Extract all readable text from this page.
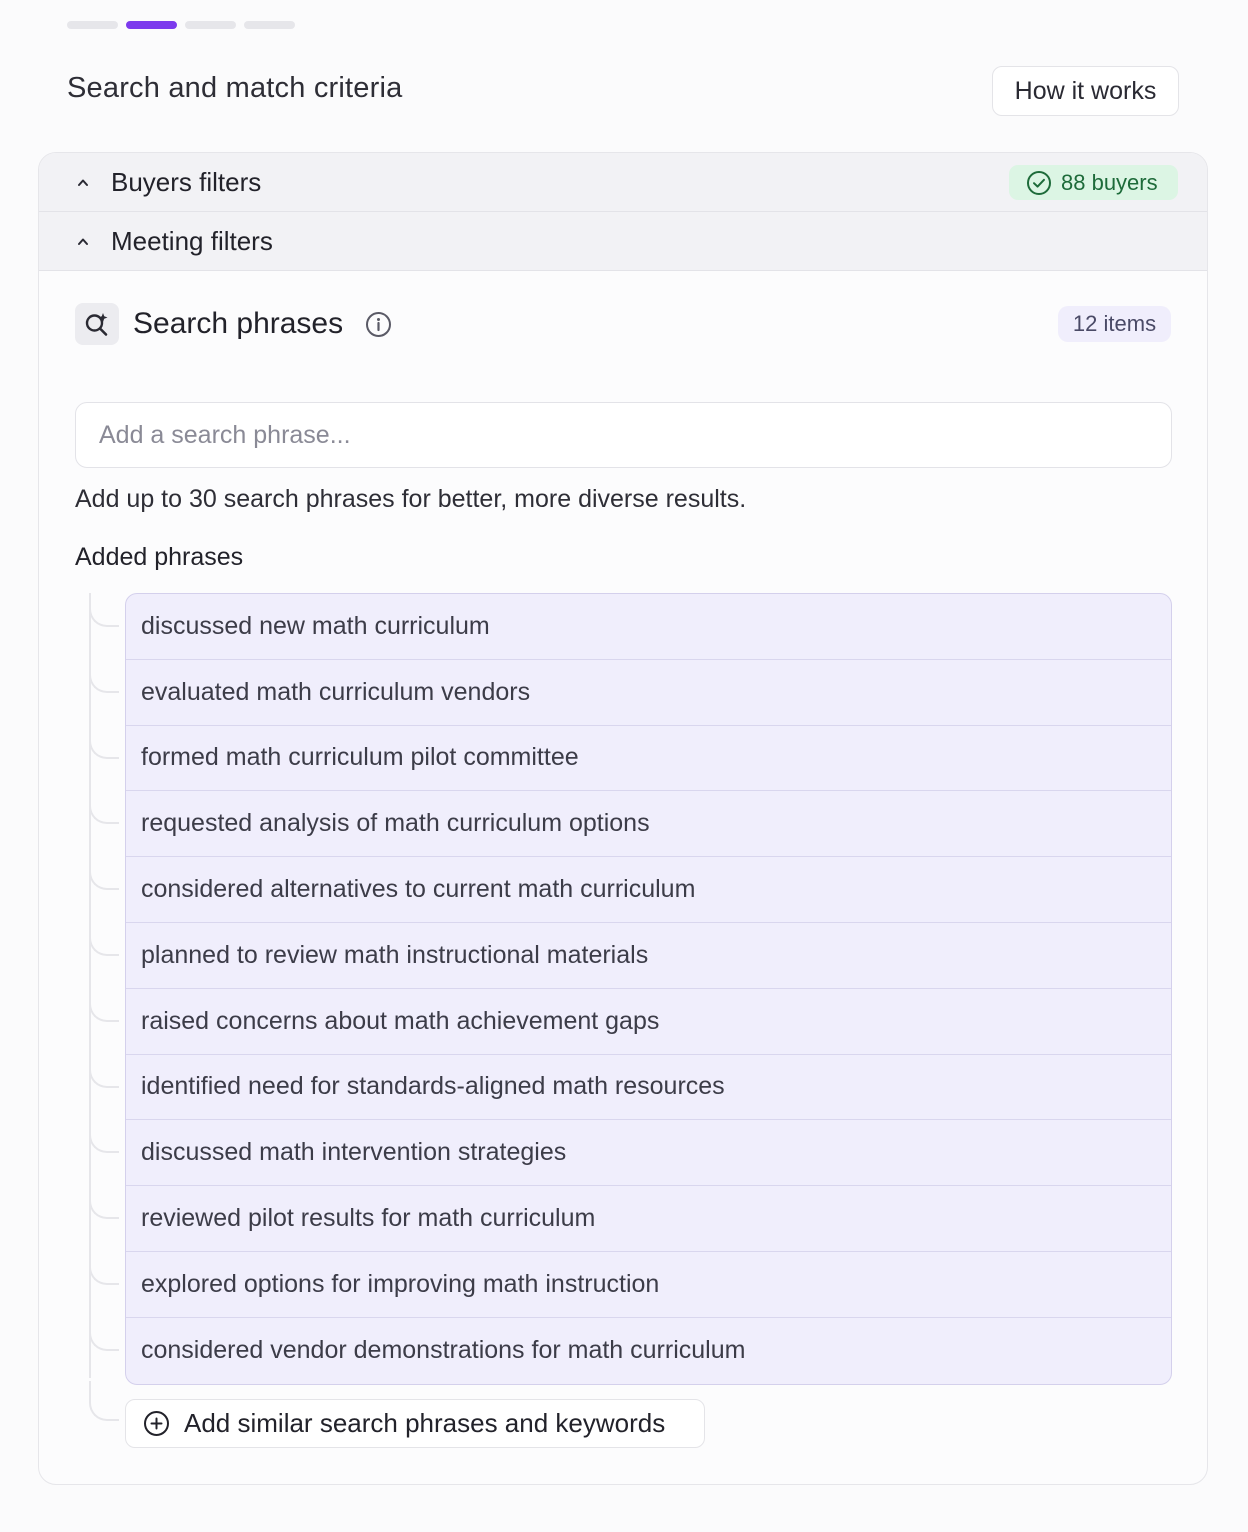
Search and match criteria	How it works
Buyers filters	88 buyers
Meeting filters
Search phrases	12 items
Add a search phrase...
Add up to 30 search phrases for better, more diverse results.
Added phrases
discussed new math curriculum
evaluated math curriculum vendors
formed math curriculum pilot committee
requested analysis of math curriculum options
considered alternatives to current math curriculum
planned to review math instructional materials
raised concerns about math achievement gaps
identified need for standards-aligned math resources
discussed math intervention strategies
reviewed pilot results for math curriculum
explored options for improving math instruction
considered vendor demonstrations for math curriculum
Add similar search phrases and keywords
